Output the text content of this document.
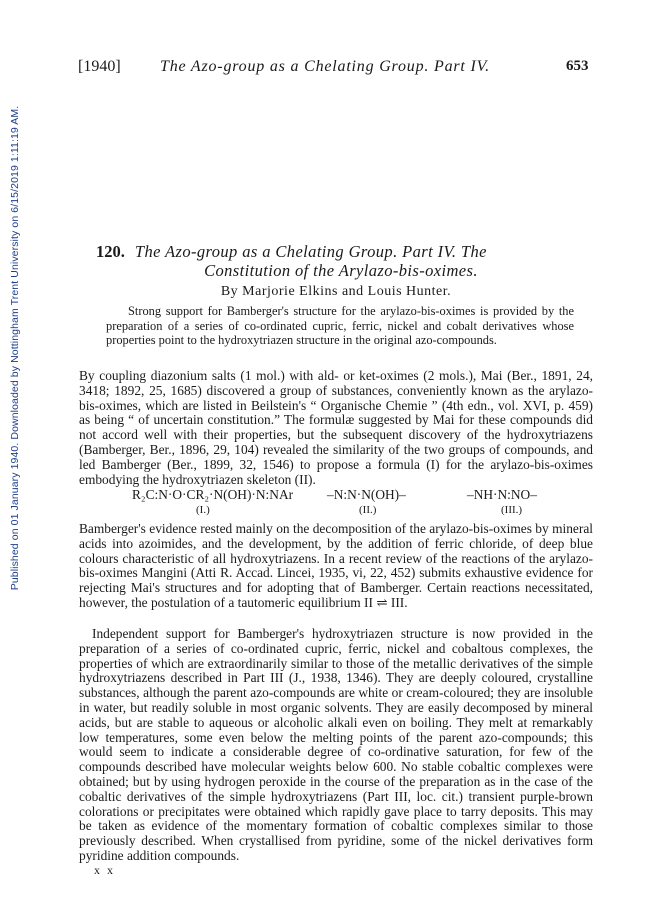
Published on 01 January 1940. Downloaded by Nottingham Trent University on 6/15/2019 1:11:19 AM.
[1940] The Azo-group as a Chelating Group. Part IV.	653
120. The Azo-group as a Chelating Group. Part IV. The
Constitution of the Arylazo-bis-oximes.
By Marjorie Elkins and Louis Hunter.

Strong support for Bamberger's structure for the arylazo-bis-oximes is provided by the preparation of a series of co-ordinated cupric, ferric, nickel and cobalt derivatives whose properties point to the hydroxytriazen structure in the original azo-compounds.

By coupling diazonium salts (1 mol.) with ald- or ket-oximes (2 mols.), Mai (Ber., 1891, 24, 3418; 1892, 25, 1685) discovered a group of substances, conveniently known as the arylazo-bis-oximes, which are listed in Beilstein's “ Organische Chemie ” (4th edn., vol. XVI, p. 459) as being “ of uncertain constitution.” The formulæ suggested by Mai for these compounds did not accord well with their properties, but the subsequent discovery of the hydroxytriazens (Bamberger, Ber., 1896, 29, 104) revealed the similarity of the two groups of compounds, and led Bamberger (Ber., 1899, 32, 1546) to propose a formula (I) for the arylazo-bis-oximes embodying the hydroxytriazen skeleton (II).

R₂C:N·O·CR₂·N(OH)·N:NAr	–N:N·N(OH)–	–NH·N:NO–
(I.)	(II.)	(III.)

Bamberger's evidence rested mainly on the decomposition of the arylazo-bis-oximes by mineral acids into azoimides, and the development, by the addition of ferric chloride, of deep blue colours characteristic of all hydroxytriazens. In a recent review of the reactions of the arylazo-bis-oximes Mangini (Atti R. Accad. Lincei, 1935, vi, 22, 452) submits exhaustive evidence for rejecting Mai's structures and for adopting that of Bamberger. Certain reactions necessitated, however, the postulation of a tautomeric equilibrium II ⇌ III.

Independent support for Bamberger's hydroxytriazen structure is now provided in the preparation of a series of co-ordinated cupric, ferric, nickel and cobaltous complexes, the properties of which are extraordinarily similar to those of the metallic derivatives of the simple hydroxytriazens described in Part III (J., 1938, 1346). They are deeply coloured, crystalline substances, although the parent azo-compounds are white or cream-coloured; they are insoluble in water, but readily soluble in most organic solvents. They are easily decomposed by mineral acids, but are stable to aqueous or alcoholic alkali even on boiling. They melt at remarkably low temperatures, some even below the melting points of the parent azo-compounds; this would seem to indicate a considerable degree of co-ordinative saturation, for few of the compounds described have molecular weights below 600. No stable cobaltic complexes were obtained; but by using hydrogen peroxide in the course of the preparation as in the case of the cobaltic derivatives of the simple hydroxytriazens (Part III, loc. cit.) transient purple-brown colorations or precipitates were obtained which rapidly gave place to tarry deposits. This may be taken as evidence of the momentary formation of cobaltic complexes similar to those previously described. When crystallised from pyridine, some of the nickel derivatives form pyridine addition compounds.

x x
